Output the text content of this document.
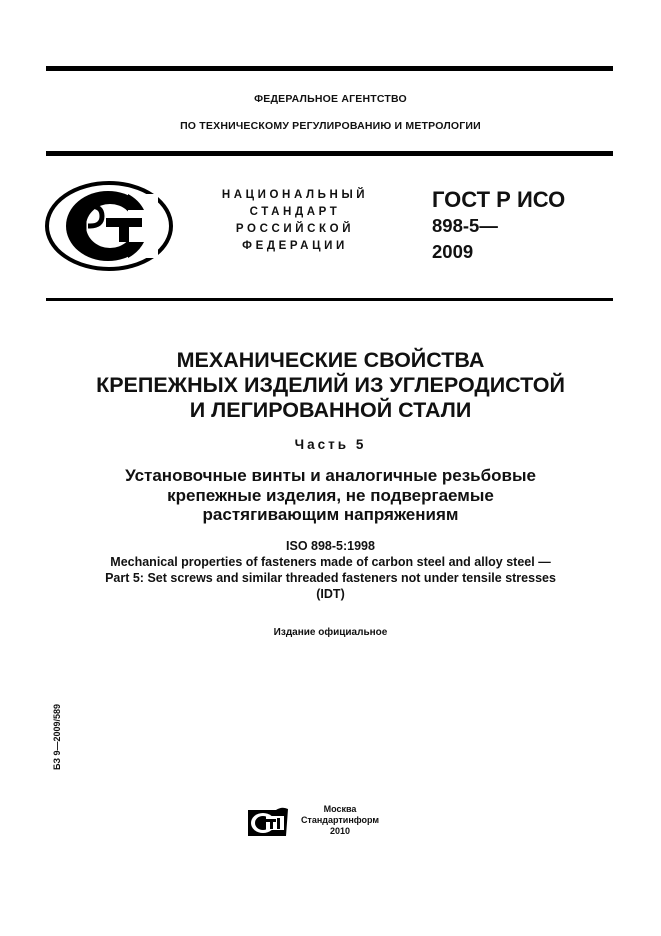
ФЕДЕРАЛЬНОЕ АГЕНТСТВО
ПО ТЕХНИЧЕСКОМУ РЕГУЛИРОВАНИЮ И МЕТРОЛОГИИ
НАЦИОНАЛЬНЫЙ
СТАНДАРТ
РОССИЙСКОЙ
ФЕДЕРАЦИИ
ГОСТ Р ИСО
898-5—
2009
МЕХАНИЧЕСКИЕ СВОЙСТВА
КРЕПЕЖНЫХ ИЗДЕЛИЙ ИЗ УГЛЕРОДИСТОЙ
И ЛЕГИРОВАННОЙ СТАЛИ
Часть 5
Установочные винты и аналогичные резьбовые
крепежные изделия, не подвергаемые
растягивающим напряжениям
ISO 898-5:1998
Mechanical properties of fasteners made of carbon steel and alloy steel —
Part 5: Set screws and similar threaded fasteners not under tensile stresses
(IDT)
Издание официальное
БЗ 9—2009/589
Москва
Стандартинформ
2010
